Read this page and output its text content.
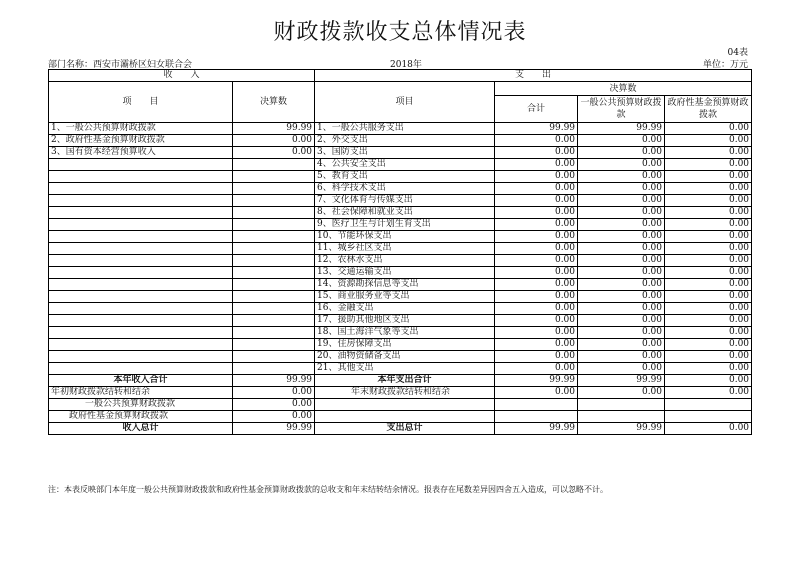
财政拨款收支总体情况表
04表
部门名称：西安市灞桥区妇女联合会	2018年	单位：万元
收　　入		支　　出			
项　　目	决算数	项目	决算数		
			合计	一般公共预算财政拨款	政府性基金预算财政拨款
1、一般公共预算财政拨款	99.99	1、一般公共服务支出	99.99	99.99	0.00
2、政府性基金预算财政拨款	0.00	2、外交支出	0.00	0.00	0.00
3、国有资本经营预算收入	0.00	3、国防支出	0.00	0.00	0.00
		4、公共安全支出	0.00	0.00	0.00
		5、教育支出	0.00	0.00	0.00
		6、科学技术支出	0.00	0.00	0.00
		7、文化体育与传媒支出	0.00	0.00	0.00
		8、社会保障和就业支出	0.00	0.00	0.00
		9、医疗卫生与计划生育支出	0.00	0.00	0.00
		10、节能环保支出	0.00	0.00	0.00
		11、城乡社区支出	0.00	0.00	0.00
		12、农林水支出	0.00	0.00	0.00
		13、交通运输支出	0.00	0.00	0.00
		14、资源勘探信息等支出	0.00	0.00	0.00
		15、商业服务业等支出	0.00	0.00	0.00
		16、金融支出	0.00	0.00	0.00
		17、援助其他地区支出	0.00	0.00	0.00
		18、国土海洋气象等支出	0.00	0.00	0.00
		19、住房保障支出	0.00	0.00	0.00
		20、油物资储备支出	0.00	0.00	0.00
		21、其他支出	0.00	0.00	0.00
本年收入合计	99.99	本年支出合计	99.99	99.99	0.00
年初财政拨款结转和结余	0.00	年末财政拨款结转和结余	0.00	0.00	0.00
一般公共预算财政拨款	0.00				
政府性基金预算财政拨款	0.00				
收入总计	99.99	支出总计	99.99	99.99	0.00
注：本表反映部门本年度一般公共预算财政拨款和政府性基金预算财政拨款的总收支和年末结转结余情况。报表存在尾数差异因四舍五入造成，可以忽略不计。
